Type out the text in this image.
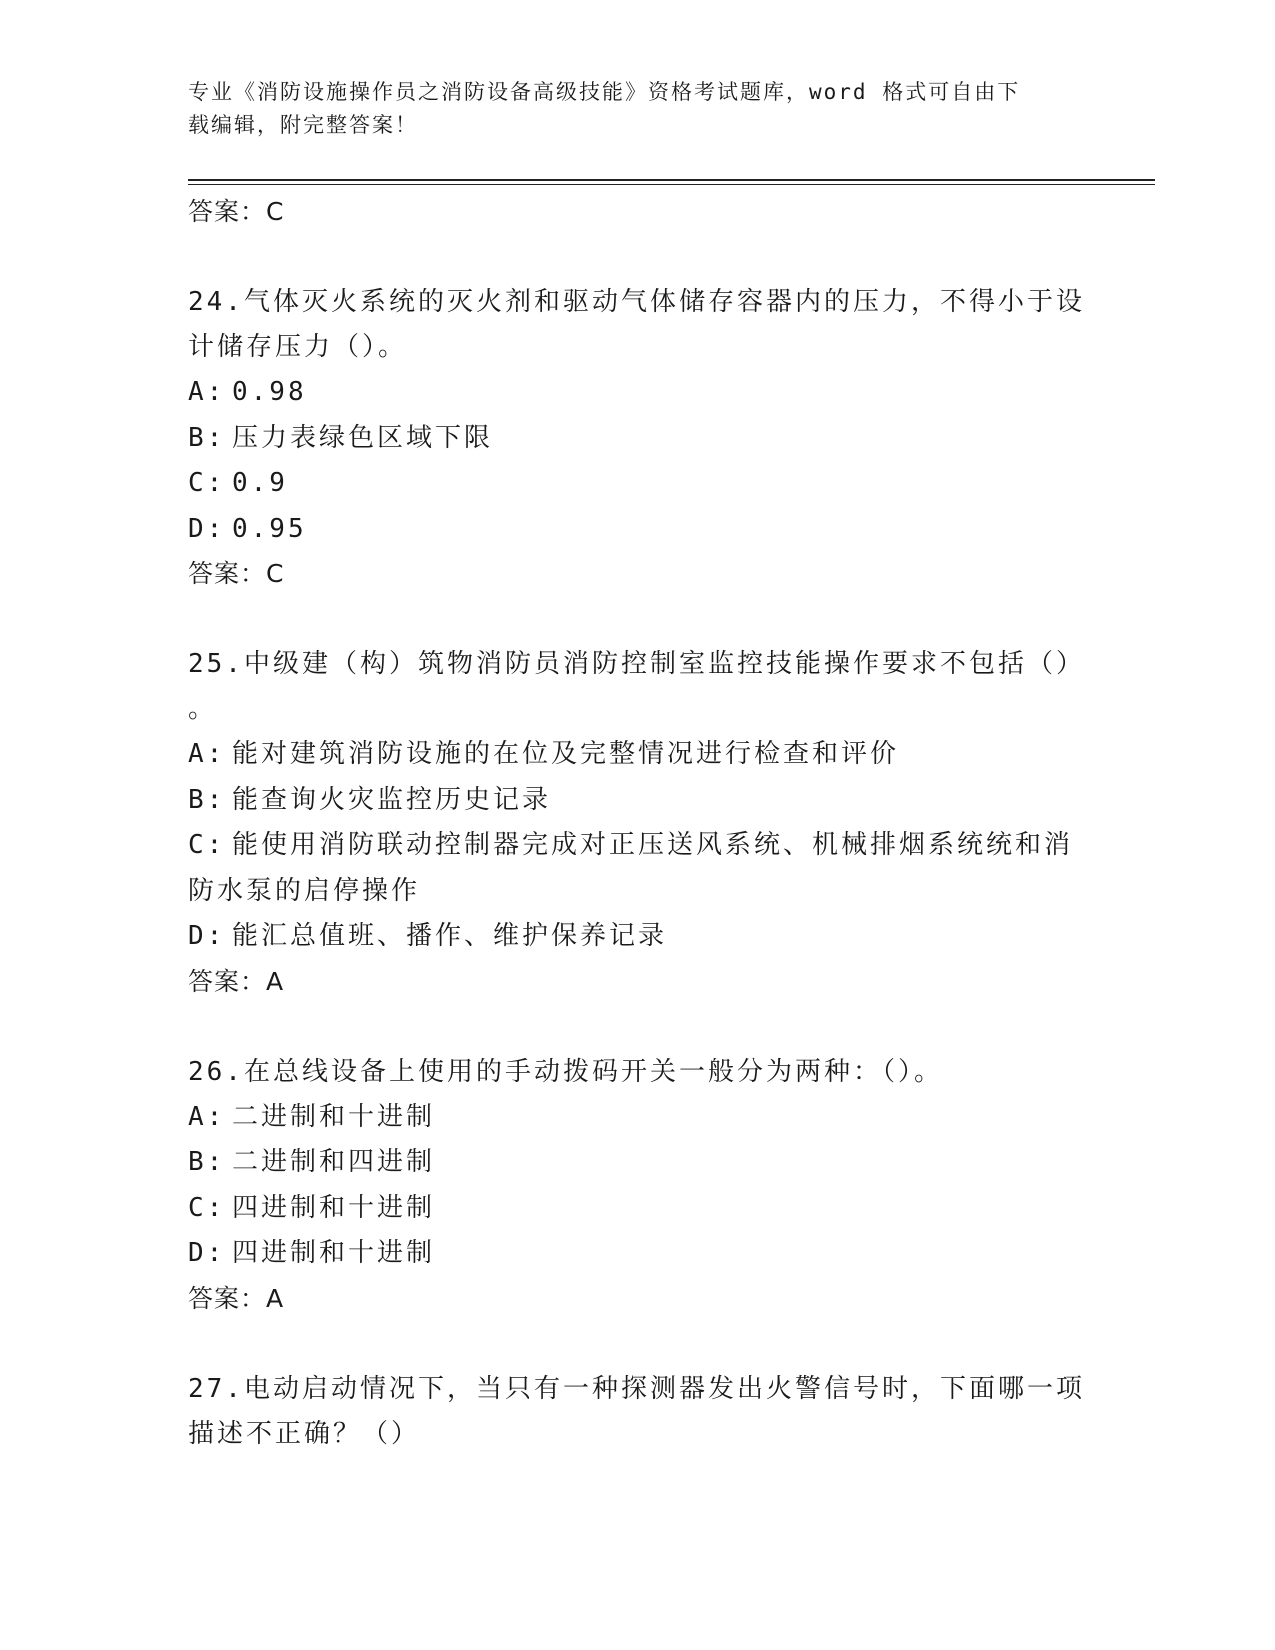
专业《消防设施操作员之消防设备高级技能》资格考试题库，word 格式可自由下
载编辑，附完整答案！
答案：C
24.气体灭火系统的灭火剂和驱动气体储存容器内的压力，不得小于设
计储存压力（）。
A: 0.98
B: 压力表绿色区域下限
C: 0.9
D: 0.95
答案：C
25.中级建（构）筑物消防员消防控制室监控技能操作要求不包括（）
。
A: 能对建筑消防设施的在位及完整情况进行检查和评价
B: 能查询火灾监控历史记录
C: 能使用消防联动控制器完成对正压送风系统、机械排烟系统统和消
防水泵的启停操作
D: 能汇总值班、播作、维护保养记录
答案：A
26.在总线设备上使用的手动拨码开关一般分为两种：（）。
A: 二进制和十进制
B: 二进制和四进制
C: 四进制和十进制
D: 四进制和十进制
答案：A
27.电动启动情况下，当只有一种探测器发出火警信号时，下面哪一项
描述不正确？（）
